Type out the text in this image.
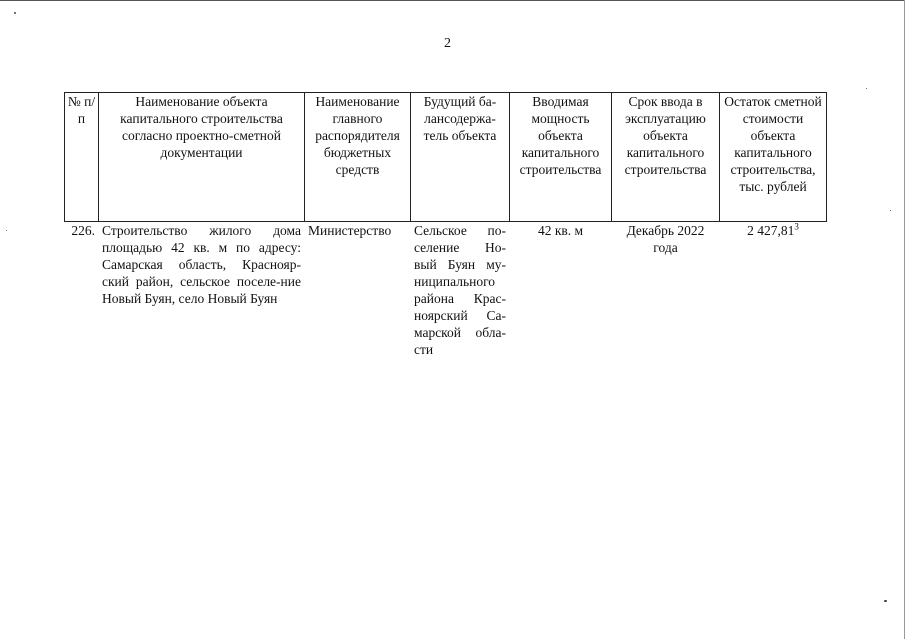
2
№ п/п	Наименование объекта капитального строительства согласно проектно-сметной документации	Наименование главного распорядителя бюджетных средств	Будущий ба-лансодержа-тель объекта	Вводимая мощность объекта капитального строительства	Срок ввода в эксплуатацию объекта капитального строительства	Остаток сметной стоимости объекта капитального строительства, тыс. рублей
226.	Строительство жилого дома площадью 42 кв. м по адресу: Самарская область, Краснояр-ский район, сельское поселе-ние Новый Буян, село Новый Буян	Министерство	Сельское по-селение Но-вый Буян му-ниципального района Крас-ноярский Са-марской обла-сти	42 кв. м	Декабрь 2022 года	2 427,81$^3$
